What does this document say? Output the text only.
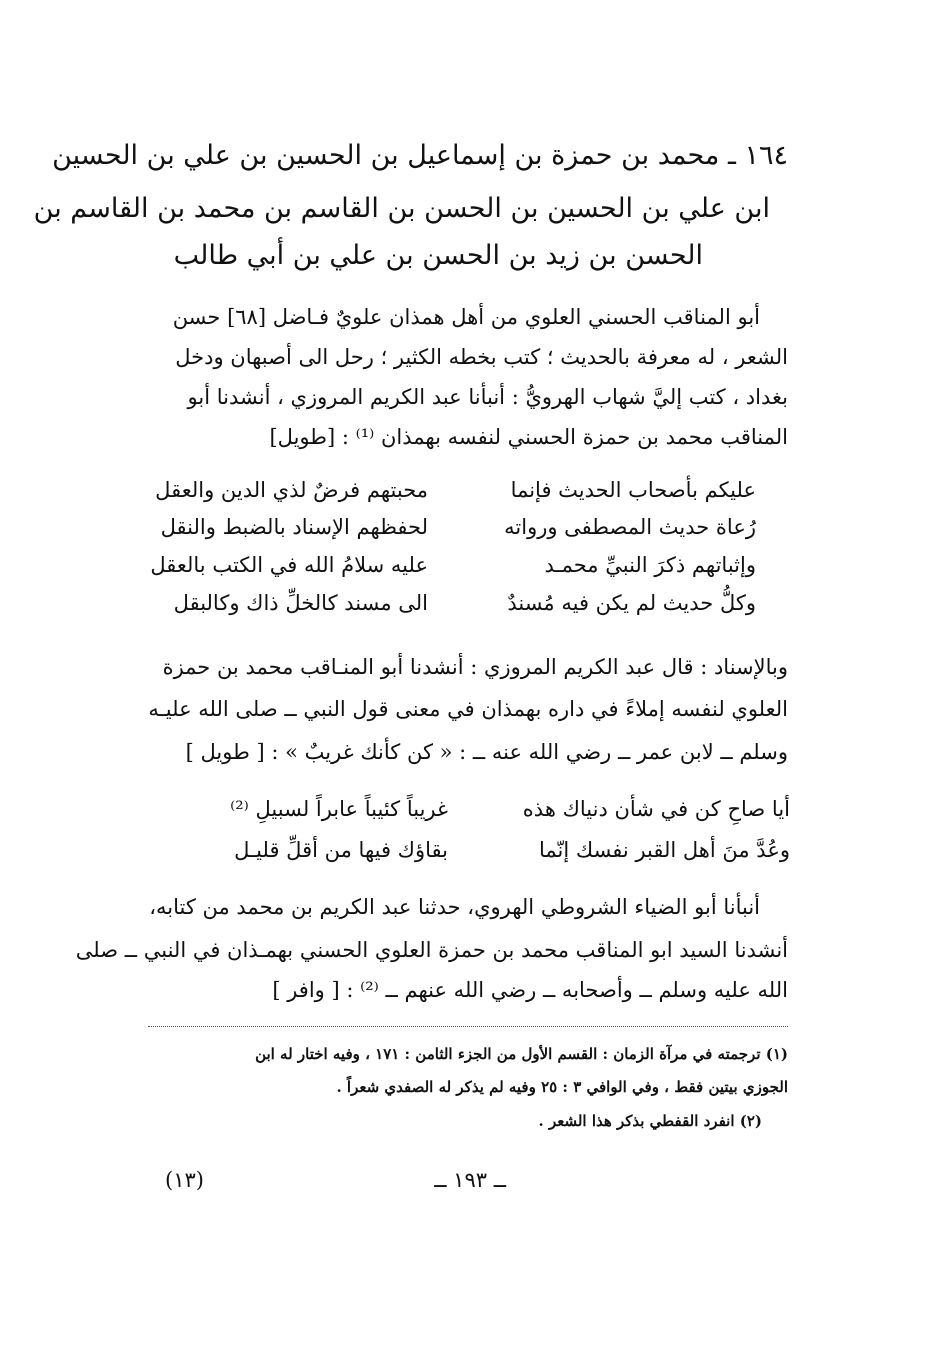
١٦٤ ـ محمد بن حمزة بن إسماعيل بن الحسين بن علي بن الحسين
ابن علي بن الحسين بن الحسن بن القاسم بن محمد بن القاسم بن
الحسن بن زيد بن الحسن بن علي بن أبي طالب
أبو المناقب الحسني العلوي من أهل همذان علويٌ فـاضل [٦٨] حسن
الشعر ، له معرفة بالحديث ؛ كتب بخطه الكثير ؛ رحل الى أصبهان ودخل
بغداد ، كتب إليَّ شهاب الهرويُّ : أنبأنا عبد الكريم المروزي ، أنشدنا أبو
المناقب محمد بن حمزة الحسني لنفسه بهمذان ⁽¹⁾ : [طويل]
عليكم بأصحاب الحديث فإنما
محبتهم فرضٌ لذي الدين والعقل
رُعاة حديث المصطفى ورواته
لحفظهم الإسناد بالضبط والنقل
وإثباتهم ذكرَ النبيِّ محمـد
عليه سلامُ الله في الكتب بالعقل
وكلُّ حديث لم يكن فيه مُسندٌ
الى مسند كالخلِّ ذاك وكالبقل
وبالإسناد : قال عبد الكريم المروزي : أنشدنا أبو المنـاقب محمد بن حمزة
العلوي لنفسه إملاءً في داره بهمذان في معنى قول النبي ــ صلى الله عليـه
وسلم ــ لابن عمر ــ رضي الله عنه ــ : « كن كأنك غريبٌ » : [ طويل ]
أيا صاحِ كن في شأن دنياك هذه
غريباً كئيباً عابراً لسبيلِ ⁽²⁾
وعُدَّ منَ أهل القبر نفسك إنّما
بقاؤك فيها من أقلِّ قليـل
أنبأنا أبو الضياء الشروطي الهروي، حدثنا عبد الكريم بن محمد من كتابه،
أنشدنا السيد ابو المناقب محمد بن حمزة العلوي الحسني بهمـذان في النبي ــ صلى
الله عليه وسلم ــ وأصحابه ــ رضي الله عنهم ــ ⁽²⁾ : [ وافر ]
(١) ترجمته في مرآة الزمان : القسم الأول من الجزء الثامن : ١٧١ ، وفيه اختار له ابن
الجوزي بيتين فقط ، وفي الوافي ٣ : ٢٥ وفيه لم يذكر له الصفدي شعراً .
(٢) انفرد القفطي بذكر هذا الشعر .
ــ ١٩٣ ــ
(١٣)
